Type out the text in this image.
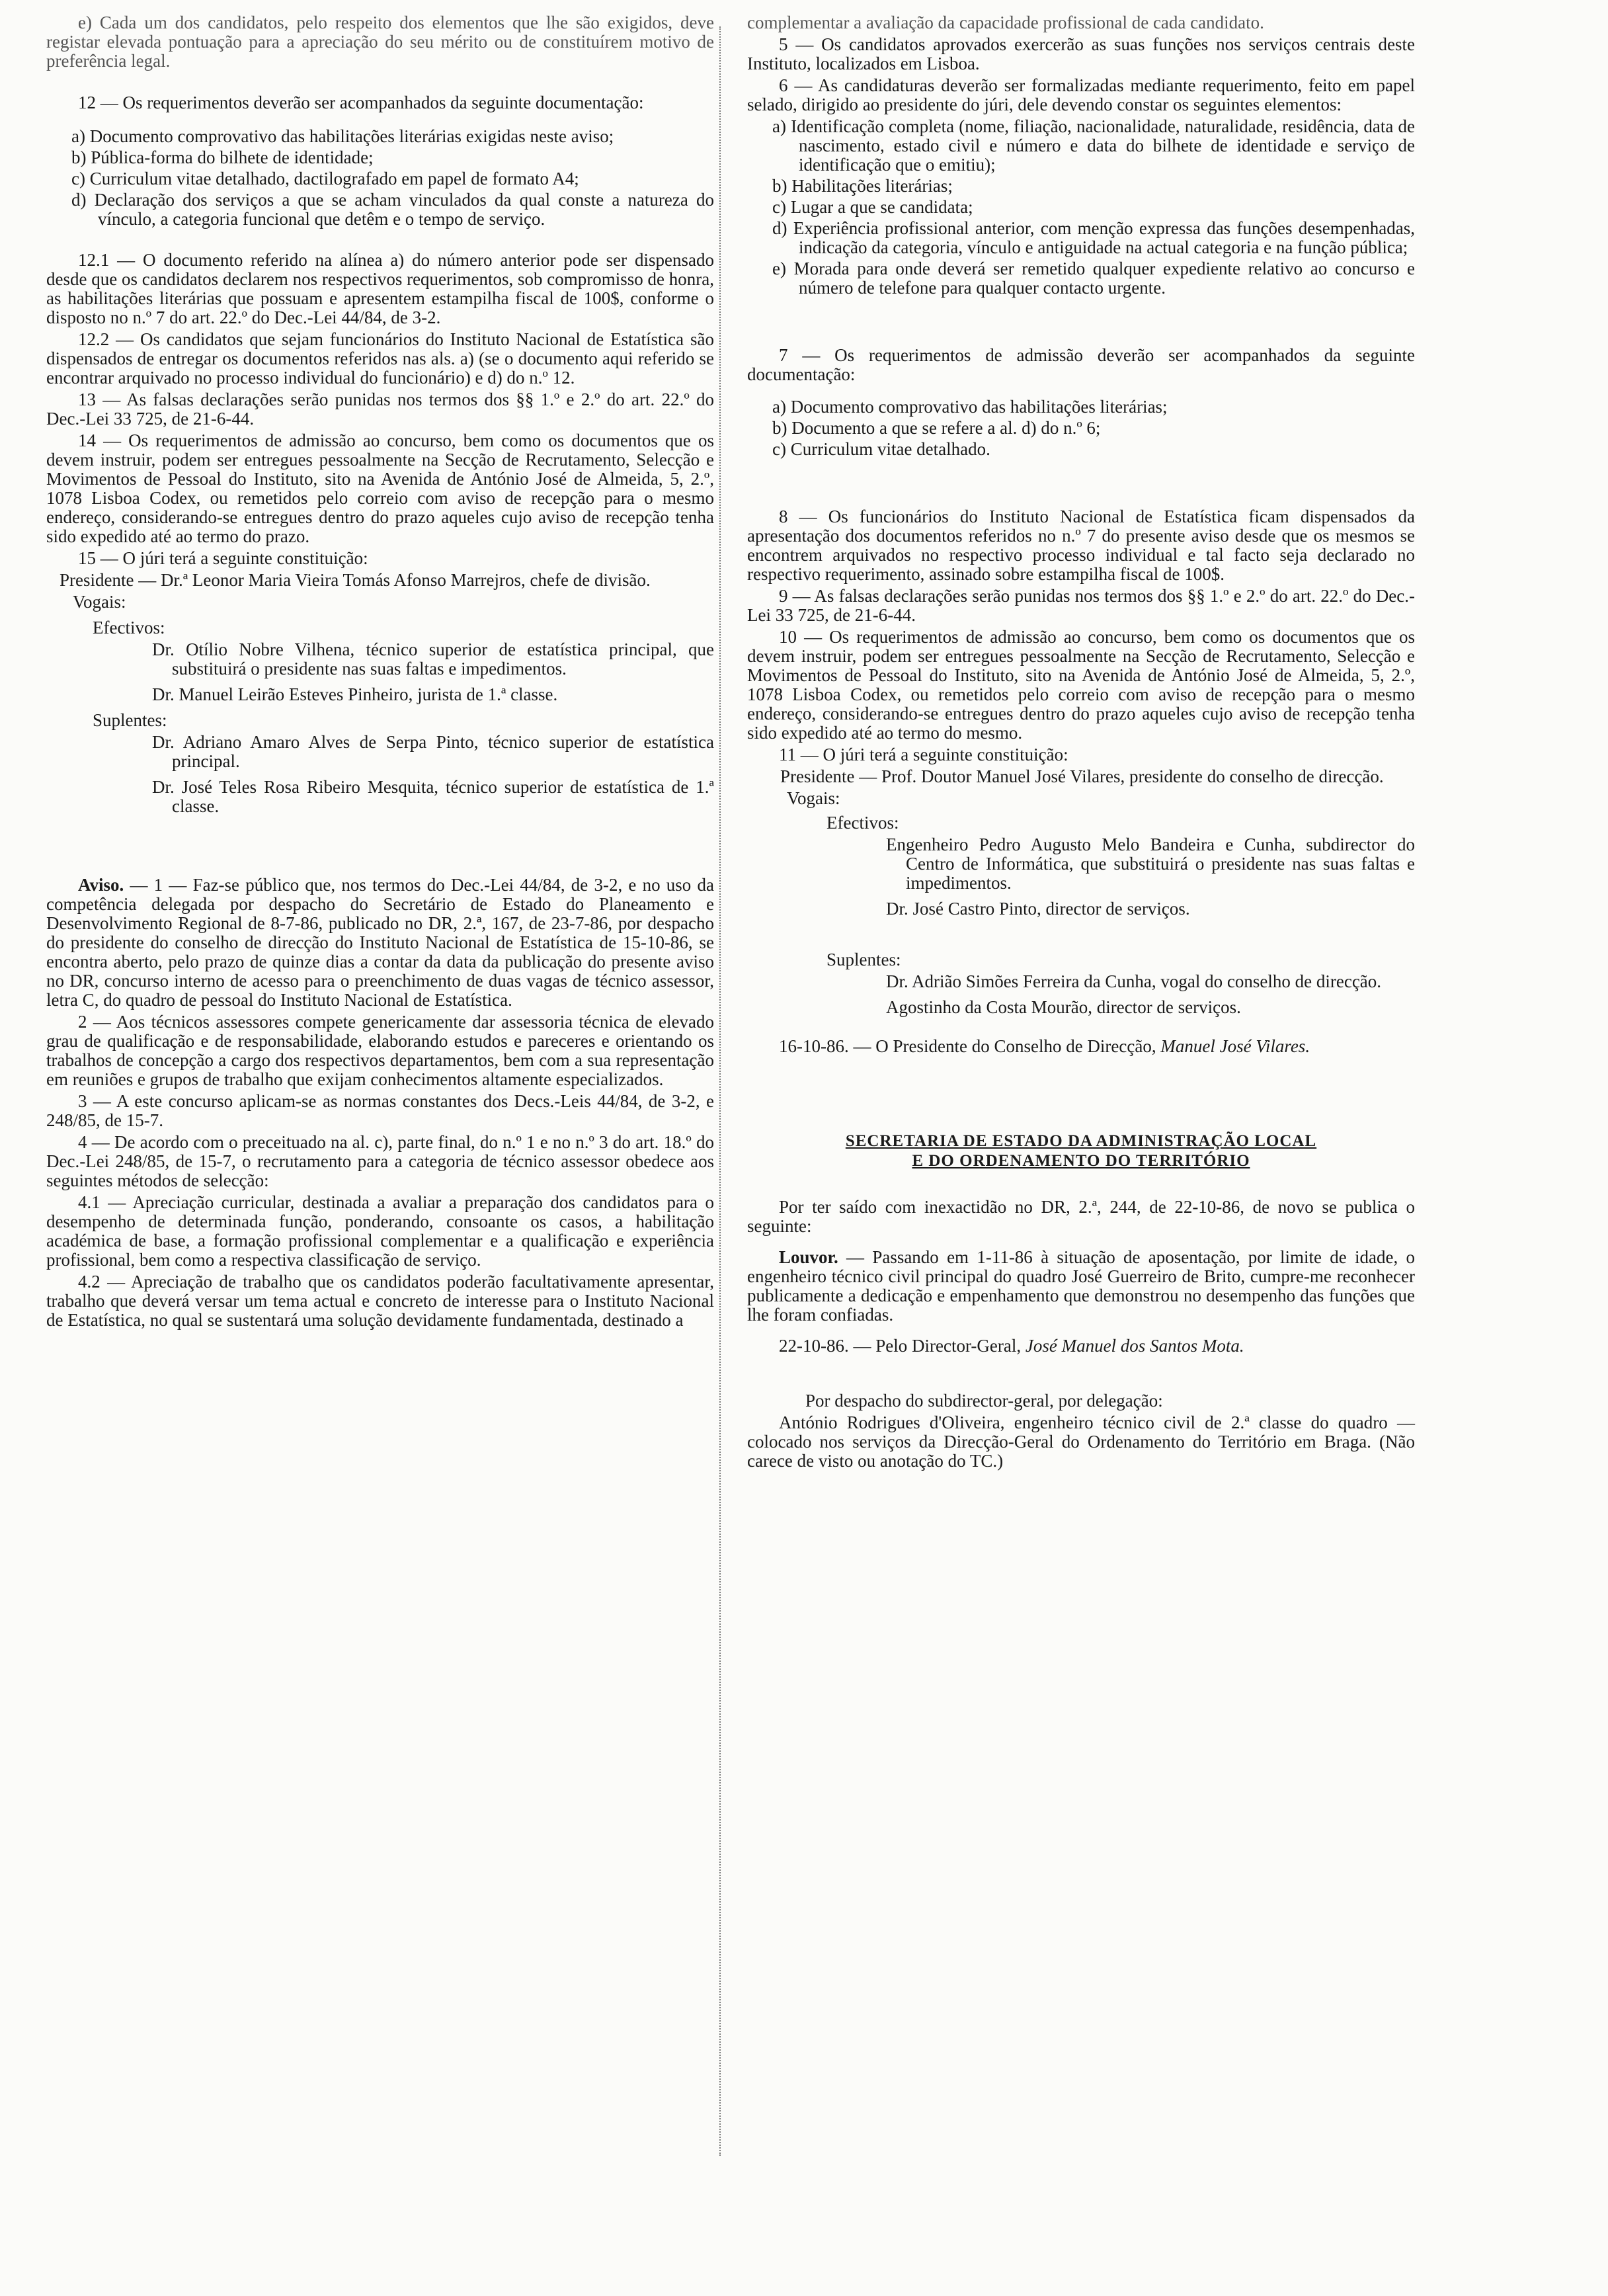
e) Cada um dos candidatos, pelo respeito dos elementos que lhe são exigidos, deve registar elevada pontuação para a apreciação do seu mérito ou de constituírem motivo de preferência legal.

12 — Os requerimentos deverão ser acompanhados da seguinte documentação:

a) Documento comprovativo das habilitações literárias exigidas neste aviso;

b) Pública-forma do bilhete de identidade;

c) Curriculum vitae detalhado, dactilografado em papel de formato A4;

d) Declaração dos serviços a que se acham vinculados da qual conste a natureza do vínculo, a categoria funcional que detêm e o tempo de serviço.

12.1 — O documento referido na alínea a) do número anterior pode ser dispensado desde que os candidatos declarem nos respectivos requerimentos, sob compromisso de honra, as habilitações literárias que possuam e apresentem estampilha fiscal de 100$, conforme o disposto no n.º 7 do art. 22.º do Dec.-Lei 44/84, de 3-2.

12.2 — Os candidatos que sejam funcionários do Instituto Nacional de Estatística são dispensados de entregar os documentos referidos nas als. a) (se o documento aqui referido se encontrar arquivado no processo individual do funcionário) e d) do n.º 12.

13 — As falsas declarações serão punidas nos termos dos §§ 1.º e 2.º do art. 22.º do Dec.-Lei 33 725, de 21-6-44.

14 — Os requerimentos de admissão ao concurso, bem como os documentos que os devem instruir, podem ser entregues pessoalmente na Secção de Recrutamento, Selecção e Movimentos de Pessoal do Instituto, sito na Avenida de António José de Almeida, 5, 2.º, 1078 Lisboa Codex, ou remetidos pelo correio com aviso de recepção para o mesmo endereço, considerando-se entregues dentro do prazo aqueles cujo aviso de recepção tenha sido expedido até ao termo do prazo.

15 — O júri terá a seguinte constituição:

Presidente — Dr.ª Leonor Maria Vieira Tomás Afonso Marrejros, chefe de divisão.

Vogais:

Efectivos:

Dr. Otílio Nobre Vilhena, técnico superior de estatística principal, que substituirá o presidente nas suas faltas e impedimentos.

Dr. Manuel Leirão Esteves Pinheiro, jurista de 1.ª classe.

Suplentes:

Dr. Adriano Amaro Alves de Serpa Pinto, técnico superior de estatística principal.

Dr. José Teles Rosa Ribeiro Mesquita, técnico superior de estatística de 1.ª classe.

Aviso. — 1 — Faz-se público que, nos termos do Dec.-Lei 44/84, de 3-2, e no uso da competência delegada por despacho do Secretário de Estado do Planeamento e Desenvolvimento Regional de 8-7-86, publicado no DR, 2.ª, 167, de 23-7-86, por despacho do presidente do conselho de direcção do Instituto Nacional de Estatística de 15-10-86, se encontra aberto, pelo prazo de quinze dias a contar da data da publicação do presente aviso no DR, concurso interno de acesso para o preenchimento de duas vagas de técnico assessor, letra C, do quadro de pessoal do Instituto Nacional de Estatística.

2 — Aos técnicos assessores compete genericamente dar assessoria técnica de elevado grau de qualificação e de responsabilidade, elaborando estudos e pareceres e orientando os trabalhos de concepção a cargo dos respectivos departamentos, bem com a sua representação em reuniões e grupos de trabalho que exijam conhecimentos altamente especializados.

3 — A este concurso aplicam-se as normas constantes dos Decs.-Leis 44/84, de 3-2, e 248/85, de 15-7.

4 — De acordo com o preceituado na al. c), parte final, do n.º 1 e no n.º 3 do art. 18.º do Dec.-Lei 248/85, de 15-7, o recrutamento para a categoria de técnico assessor obedece aos seguintes métodos de selecção:

4.1 — Apreciação curricular, destinada a avaliar a preparação dos candidatos para o desempenho de determinada função, ponderando, consoante os casos, a habilitação académica de base, a formação profissional complementar e a qualificação e experiência profissional, bem como a respectiva classificação de serviço.

4.2 — Apreciação de trabalho que os candidatos poderão facultativamente apresentar, trabalho que deverá versar um tema actual e concreto de interesse para o Instituto Nacional de Estatística, no qual se sustentará uma solução devidamente fundamentada, destinado a

complementar a avaliação da capacidade profissional de cada candidato.

5 — Os candidatos aprovados exercerão as suas funções nos serviços centrais deste Instituto, localizados em Lisboa.

6 — As candidaturas deverão ser formalizadas mediante requerimento, feito em papel selado, dirigido ao presidente do júri, dele devendo constar os seguintes elementos:

a) Identificação completa (nome, filiação, nacionalidade, naturalidade, residência, data de nascimento, estado civil e número e data do bilhete de identidade e serviço de identificação que o emitiu);

b) Habilitações literárias;

c) Lugar a que se candidata;

d) Experiência profissional anterior, com menção expressa das funções desempenhadas, indicação da categoria, vínculo e antiguidade na actual categoria e na função pública;

e) Morada para onde deverá ser remetido qualquer expediente relativo ao concurso e número de telefone para qualquer contacto urgente.

7 — Os requerimentos de admissão deverão ser acompanhados da seguinte documentação:

a) Documento comprovativo das habilitações literárias;

b) Documento a que se refere a al. d) do n.º 6;

c) Curriculum vitae detalhado.

8 — Os funcionários do Instituto Nacional de Estatística ficam dispensados da apresentação dos documentos referidos no n.º 7 do presente aviso desde que os mesmos se encontrem arquivados no respectivo processo individual e tal facto seja declarado no respectivo requerimento, assinado sobre estampilha fiscal de 100$.

9 — As falsas declarações serão punidas nos termos dos §§ 1.º e 2.º do art. 22.º do Dec.-Lei 33 725, de 21-6-44.

10 — Os requerimentos de admissão ao concurso, bem como os documentos que os devem instruir, podem ser entregues pessoalmente na Secção de Recrutamento, Selecção e Movimentos de Pessoal do Instituto, sito na Avenida de António José de Almeida, 5, 2.º, 1078 Lisboa Codex, ou remetidos pelo correio com aviso de recepção para o mesmo endereço, considerando-se entregues dentro do prazo aqueles cujo aviso de recepção tenha sido expedido até ao termo do mesmo.

11 — O júri terá a seguinte constituição:

Presidente — Prof. Doutor Manuel José Vilares, presidente do conselho de direcção.

Vogais:

Efectivos:

Engenheiro Pedro Augusto Melo Bandeira e Cunha, subdirector do Centro de Informática, que substituirá o presidente nas suas faltas e impedimentos.

Dr. José Castro Pinto, director de serviços.

Suplentes:

Dr. Adrião Simões Ferreira da Cunha, vogal do conselho de direcção.

Agostinho da Costa Mourão, director de serviços.

16-10-86. — O Presidente do Conselho de Direcção, Manuel José Vilares.

SECRETARIA DE ESTADO DA ADMINISTRAÇÃO LOCAL

E DO ORDENAMENTO DO TERRITÓRIO

Por ter saído com inexactidão no DR, 2.ª, 244, de 22-10-86, de novo se publica o seguinte:

Louvor. — Passando em 1-11-86 à situação de aposentação, por limite de idade, o engenheiro técnico civil principal do quadro José Guerreiro de Brito, cumpre-me reconhecer publicamente a dedicação e empenhamento que demonstrou no desempenho das funções que lhe foram confiadas.

22-10-86. — Pelo Director-Geral, José Manuel dos Santos Mota.

Por despacho do subdirector-geral, por delegação:

António Rodrigues d'Oliveira, engenheiro técnico civil de 2.ª classe do quadro — colocado nos serviços da Direcção-Geral do Ordenamento do Território em Braga. (Não carece de visto ou anotação do TC.)
